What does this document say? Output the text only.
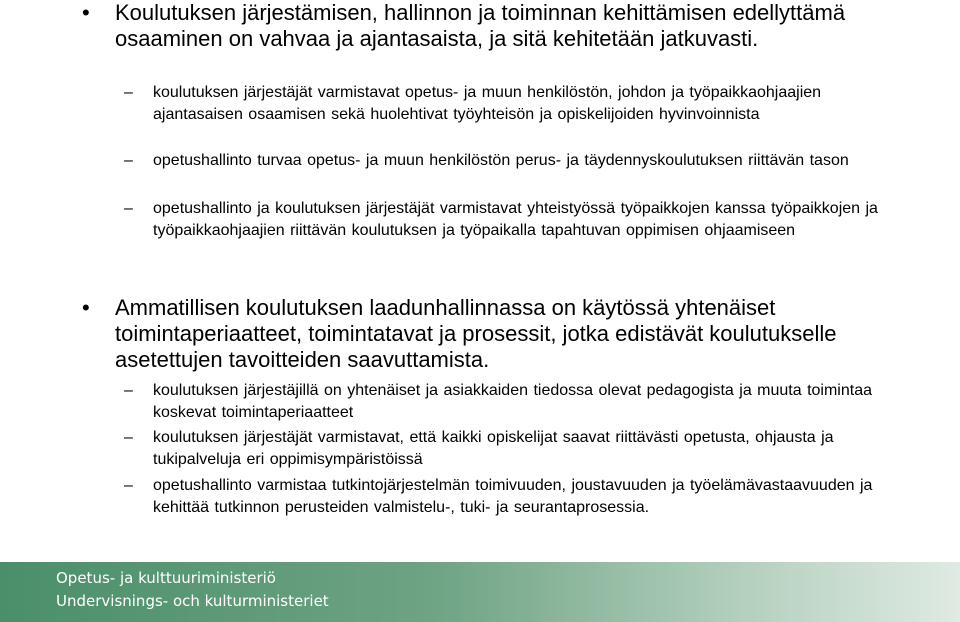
• Koulutuksen järjestämisen, hallinnon ja toiminnan kehittämisen edellyttämä osaaminen on vahvaa ja ajantasaista, ja sitä kehitetään jatkuvasti.
– koulutuksen järjestäjät varmistavat opetus- ja muun henkilöstön, johdon ja työpaikkaohjaajien ajantasaisen osaamisen sekä huolehtivat työyhteisön ja opiskelijoiden hyvinvoinnista
– opetushallinto turvaa opetus- ja muun henkilöstön perus- ja täydennyskoulutuksen riittävän tason
– opetushallinto ja koulutuksen järjestäjät varmistavat yhteistyössä työpaikkojen kanssa työpaikkojen ja työpaikkaohjaajien riittävän koulutuksen ja työpaikalla tapahtuvan oppimisen ohjaamiseen
• Ammatillisen koulutuksen laadunhallinnassa on käytössä yhtenäiset toimintaperiaatteet, toimintatavat ja prosessit, jotka edistävät koulutukselle asetettujen tavoitteiden saavuttamista.
– koulutuksen järjestäjillä on yhtenäiset ja asiakkaiden tiedossa olevat pedagogista ja muuta toimintaa koskevat toimintaperiaatteet
– koulutuksen järjestäjät varmistavat, että kaikki opiskelijat saavat riittävästi opetusta, ohjausta ja tukipalveluja eri oppimisympäristöissä
– opetushallinto varmistaa tutkintojärjestelmän toimivuuden, joustavuuden ja työelämävastaavuuden ja kehittää tutkinnon perusteiden valmistelu-, tuki- ja seurantaprosessia.
Opetus- ja kulttuuriministeriö
Undervisnings- och kulturministeriet
